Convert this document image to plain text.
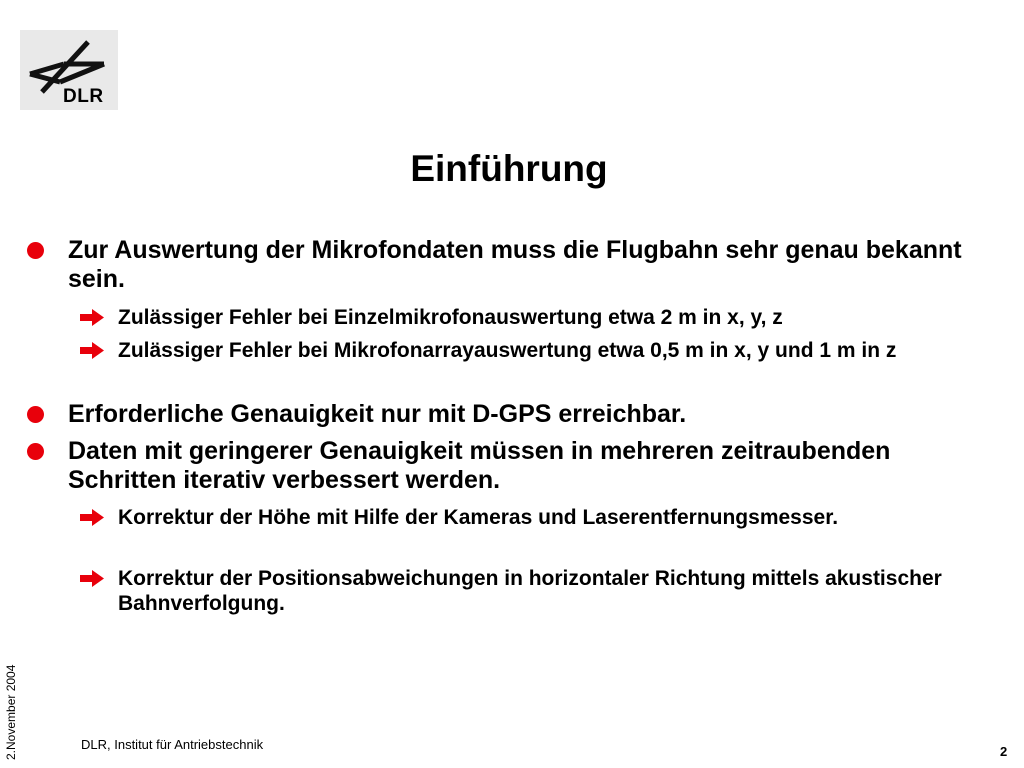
DLR
Einführung
Zur Auswertung der Mikrofondaten muss die Flugbahn sehr genau bekannt sein.
Zulässiger Fehler bei Einzelmikrofonauswertung etwa 2 m in x, y, z
Zulässiger Fehler bei Mikrofonarrayauswertung etwa 0,5 m in x, y und 1 m in z
Erforderliche Genauigkeit nur mit D-GPS erreichbar.
Daten mit geringerer Genauigkeit müssen in mehreren zeitraubenden Schritten iterativ verbessert werden.
Korrektur der Höhe mit Hilfe der Kameras und Laserentfernungsmesser.
Korrektur der Positionsabweichungen in horizontaler Richtung mittels akustischer Bahnverfolgung.
2.November 2004	DLR, Institut für Antriebstechnik	2
